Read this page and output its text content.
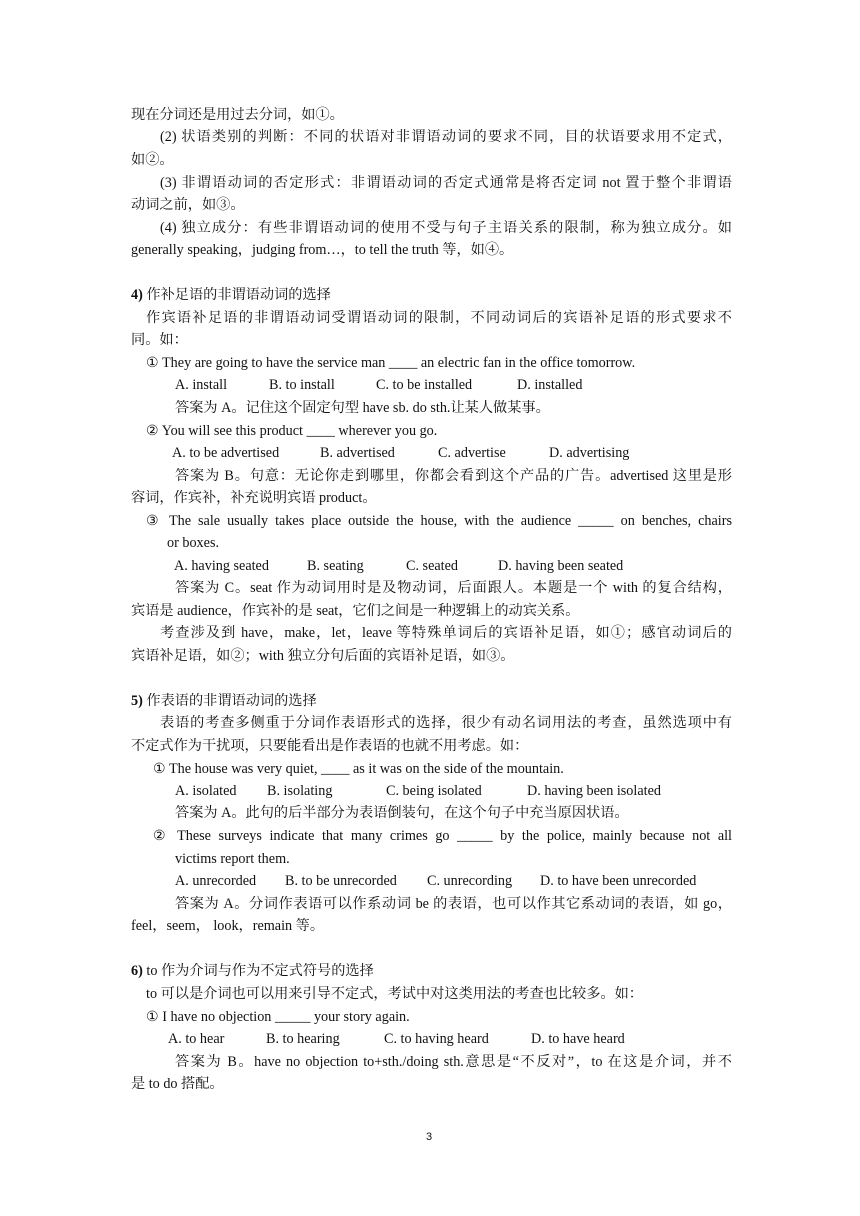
现在分词还是用过去分词，如①。
(2) 状语类别的判断：不同的状语对非谓语动词的要求不同，目的状语要求用不定式，
如②。
(3) 非谓语动词的否定形式：非谓语动词的否定式通常是将否定词 not 置于整个非谓语
动词之前，如③。
(4) 独立成分：有些非谓语动词的使用不受与句子主语关系的限制，称为独立成分。如
generally speaking，judging from…，to tell the truth 等，如④。
4) 作补足语的非谓语动词的选择
作宾语补足语的非谓语动词受谓语动词的限制，不同动词后的宾语补足语的形式要求不
同。如：
① They are going to have the service man ____ an electric fan in the office tomorrow.
A. install	B. to install	C. to be installed	D. installed
答案为 A。记住这个固定句型 have sb. do sth.让某人做某事。
② You will see this product ____ wherever you go.
A. to be advertised	B. advertised	C. advertise	D. advertising
答案为 B。句意：无论你走到哪里，你都会看到这个产品的广告。advertised 这里是形
容词，作宾补，补充说明宾语 product。
③ The sale usually takes place outside the house, with the audience _____ on benches, chairs
or boxes.
A. having seated	B. seating	C. seated	D. having been seated
答案为 C。seat 作为动词用时是及物动词，后面跟人。本题是一个 with 的复合结构，
宾语是 audience，作宾补的是 seat，它们之间是一种逻辑上的动宾关系。
考查涉及到 have，make，let，leave 等特殊单词后的宾语补足语，如①；感官动词后的
宾语补足语，如②；with 独立分句后面的宾语补足语，如③。
5) 作表语的非谓语动词的选择
表语的考查多侧重于分词作表语形式的选择，很少有动名词用法的考查，虽然选项中有
不定式作为干扰项，只要能看出是作表语的也就不用考虑。如：
① The house was very quiet, ____ as it was on the side of the mountain.
A. isolated B. isolating	C. being isolated	D. having been isolated
答案为 A。此句的后半部分为表语倒装句，在这个句子中充当原因状语。
② These surveys indicate that many crimes go _____ by the police, mainly because not all
victims report them.
A. unrecorded B. to be unrecorded C. unrecording D. to have been unrecorded
答案为 A。分词作表语可以作系动词 be 的表语，也可以作其它系动词的表语，如 go，
feel，seem， look，remain 等。
6) to 作为介词与作为不定式符号的选择
to 可以是介词也可以用来引导不定式，考试中对这类用法的考查也比较多。如：
① I have no objection _____ your story again.
A. to hear	B. to hearing	C. to having heard	D. to have heard
答案为 B。have no objection to+sth./doing sth.意思是“不反对”，to 在这是介词，并不
是 to do 搭配。
3
